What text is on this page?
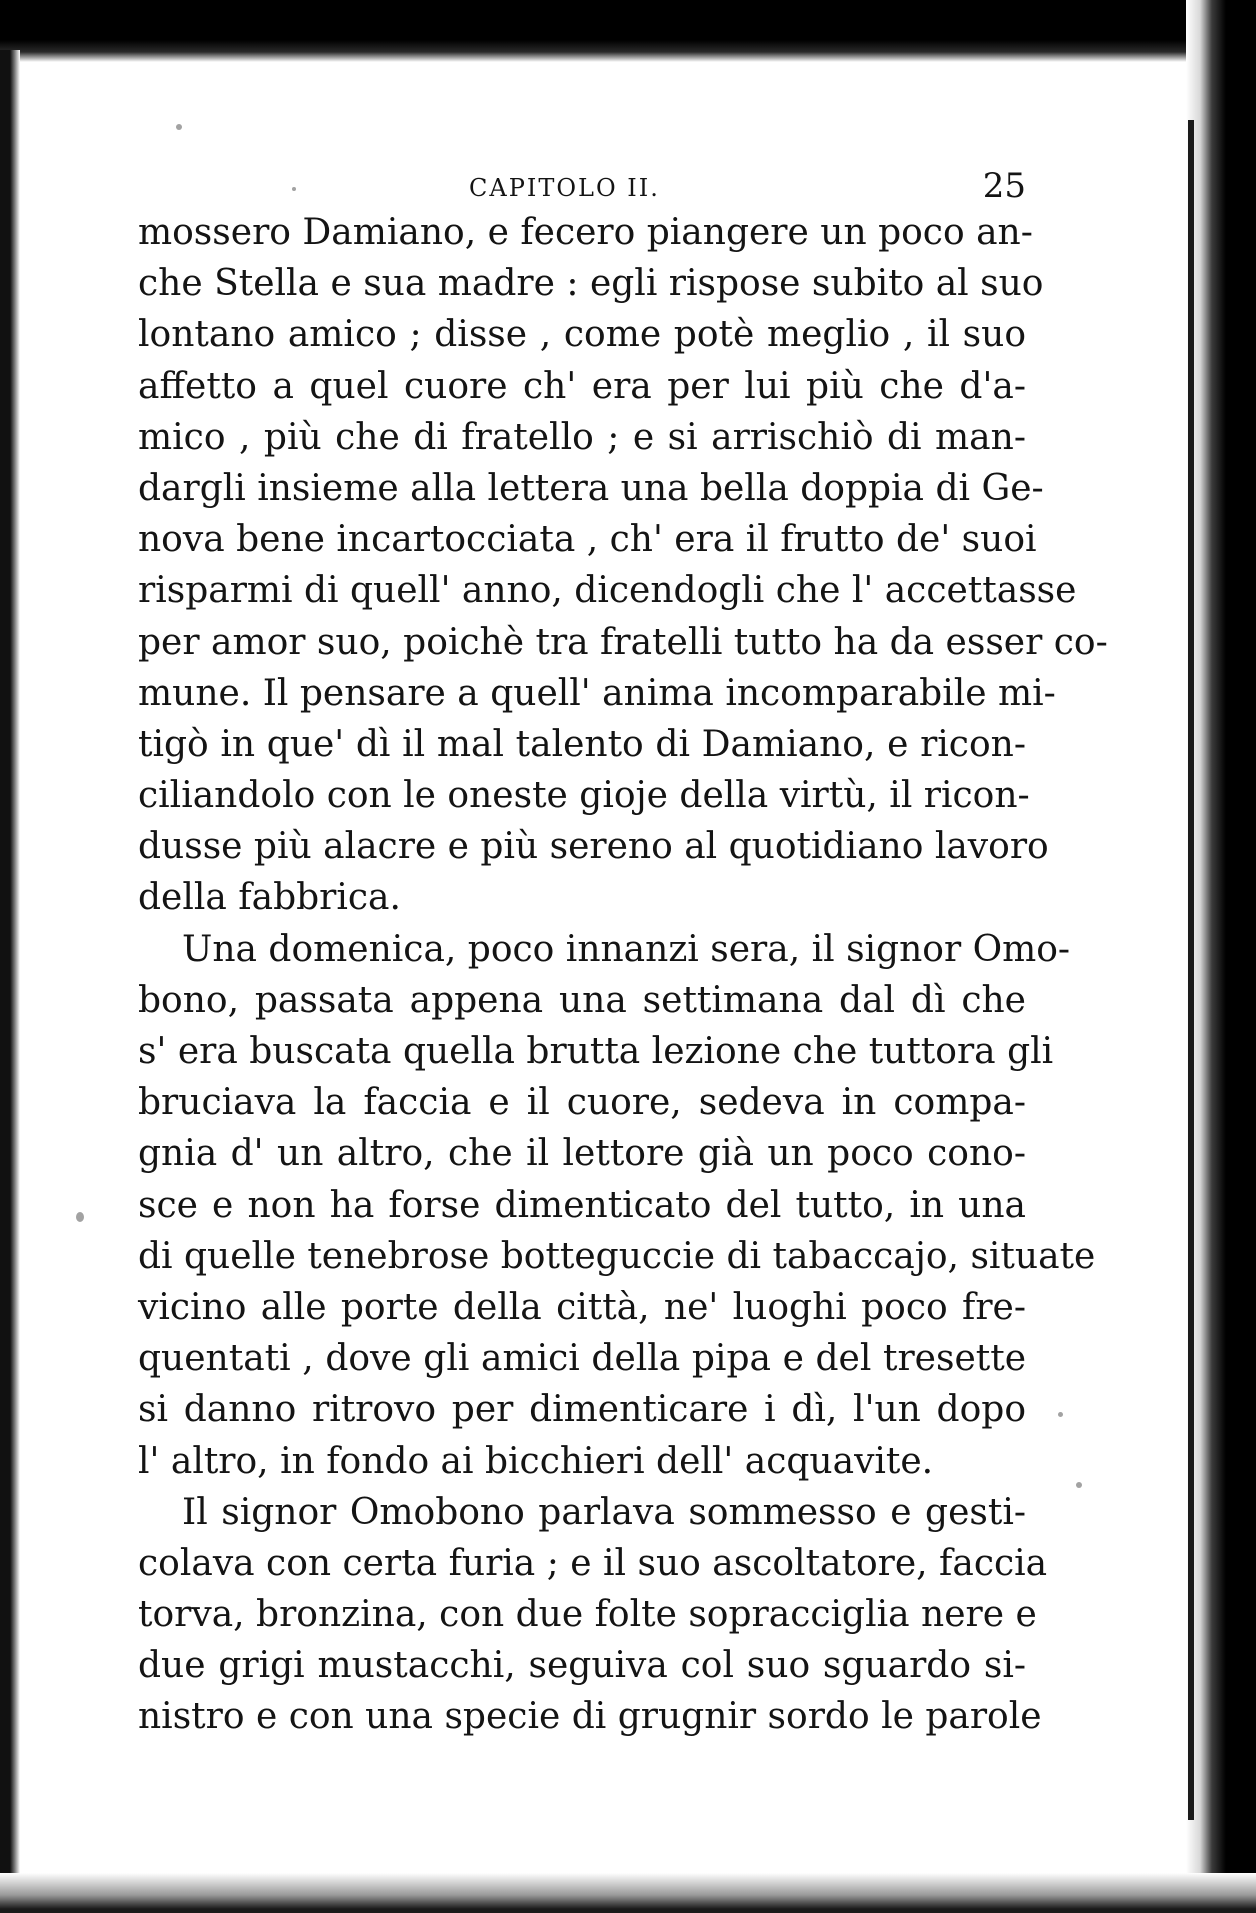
CAPITOLO II.	25
mossero Damiano, e fecero piangere un poco an-
che Stella e sua madre : egli rispose subito al suo
lontano amico ; disse , come potè meglio , il suo
affetto a quel cuore ch' era per lui più che d'a-
mico , più che di fratello ; e si arrischiò di man-
dargli insieme alla lettera una bella doppia di Ge-
nova bene incartocciata , ch' era il frutto de' suoi
risparmi di quell' anno, dicendogli che l' accettasse
per amor suo, poichè tra fratelli tutto ha da esser co-
mune. Il pensare a quell' anima incomparabile mi-
tigò in que' dì il mal talento di Damiano, e ricon-
ciliandolo con le oneste gioje della virtù, il ricon-
dusse più alacre e più sereno al quotidiano lavoro
della fabbrica.
Una domenica, poco innanzi sera, il signor Omo-
bono, passata appena una settimana dal dì che
s' era buscata quella brutta lezione che tuttora gli
bruciava la faccia e il cuore, sedeva in compa-
gnia d' un altro, che il lettore già un poco cono-
sce e non ha forse dimenticato del tutto, in una
di quelle tenebrose botteguccie di tabaccajo, situate
vicino alle porte della città, ne' luoghi poco fre-
quentati , dove gli amici della pipa e del tresette
si danno ritrovo per dimenticare i dì, l'un dopo
l' altro, in fondo ai bicchieri dell' acquavite.
Il signor Omobono parlava sommesso e gesti-
colava con certa furia ; e il suo ascoltatore, faccia
torva, bronzina, con due folte sopracciglia nere e
due grigi mustacchi, seguiva col suo sguardo si-
nistro e con una specie di grugnir sordo le parole
